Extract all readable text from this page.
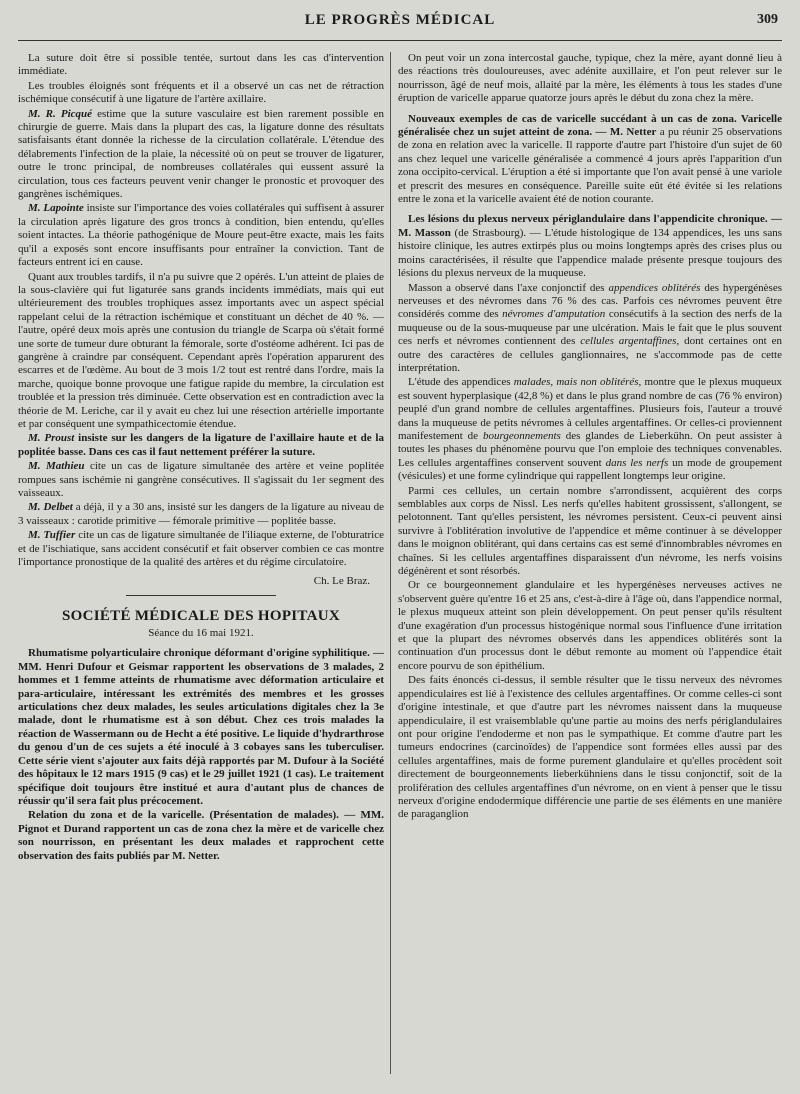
LE PROGRÈS MÉDICAL	309

La suture doit être si possible tentée, surtout dans les cas d'intervention immédiate.

Les troubles éloignés sont fréquents et il a observé un cas net de rétraction ischémique consécutif à une ligature de l'artère axillaire.

M. R. Picqué estime que la suture vasculaire est bien rarement possible en chirurgie de guerre. Mais dans la plupart des cas, la ligature donne des résultats satisfaisants étant donnée la richesse de la circulation collatérale. L'étendue des délabrements l'infection de la plaie, la nécessité où on peut se trouver de ligaturer, outre le tronc principal, de nombreuses collatérales qui eussent assuré la circulation, tous ces facteurs peuvent venir changer le pronostic et provoquer des gangrènes ischémiques.

M. Lapointe insiste sur l'importance des voies collatérales qui suffisent à assurer la circulation après ligature des gros troncs à condition, bien entendu, qu'elles soient intactes. La théorie pathogénique de Moure peut-être exacte, mais les faits qu'il a exposés sont encore insuffisants pour entraîner la conviction. Tant de facteurs entrent ici en cause.

Quant aux troubles tardifs, il n'a pu suivre que 2 opérés. L'un atteint de plaies de la sous-clavière qui fut ligaturée sans grands incidents immédiats, mais qui eut ultérieurement des troubles trophiques assez importants avec un aspect spécial rappelant celui de la rétraction ischémique et constituant un déchet de 40 %. — l'autre, opéré deux mois après une contusion du triangle de Scarpa où s'était formé une sorte de tumeur dure obturant la fémorale, sorte d'ostéome adhérent. Ici pas de gangrène à craindre par conséquent. Cependant après l'opération apparurent des escarres et de l'œdème. Au bout de 3 mois 1/2 tout est rentré dans l'ordre, mais la marche, quoique bonne provoque une fatigue rapide du membre, la circulation est troublée et la pression très diminuée. Cette observation est en contradiction avec la théorie de M. Leriche, car il y avait eu chez lui une résection artérielle importante et par conséquent une sympathicectomie étendue.

M. Proust insiste sur les dangers de la ligature de l'axillaire haute et de la poplitée basse. Dans ces cas il faut nettement préférer la suture.

M. Mathieu cite un cas de ligature simultanée des artère et veine poplitée rompues sans ischémie ni gangrène consécutives. Il s'agissait du 1er segment des vaisseaux.

M. Delbet a déjà, il y a 30 ans, insisté sur les dangers de la ligature au niveau de 3 vaisseaux : carotide primitive — fémorale primitive — poplitée basse.

M. Tuffier cite un cas de ligature simultanée de l'iliaque externe, de l'obturatrice et de l'ischiatique, sans accident consécutif et fait observer combien ce cas montre l'importance pronostique de la qualité des artères et du régime circulatoire.

Ch. Le Braz.
SOCIÉTÉ MÉDICALE DES HOPITAUX
Séance du 16 mai 1921.

Rhumatisme polyarticulaire chronique déformant d'origine syphilitique. — MM. Henri Dufour et Geismar rapportent les observations de 3 malades, 2 hommes et 1 femme atteints de rhumatisme avec déformation articulaire et para-articulaire, intéressant les extrémités des membres et les grosses articulations chez deux malades, les seules articulations digitales chez la 3e malade, dont le rhumatisme est à son début. Chez ces trois malades la réaction de Wassermann ou de Hecht a été positive. Le liquide d'hydrarthrose du genou d'un de ces sujets a été inoculé à 3 cobayes sans les tuberculiser. Cette série vient s'ajouter aux faits déjà rapportés par M. Dufour à la Société des hôpitaux le 12 mars 1915 (9 cas) et le 29 juillet 1921 (1 cas). Le traitement spécifique doit toujours être institué et aura d'autant plus de chances de réussir qu'il sera fait plus précocement.

Relation du zona et de la varicelle. (Présentation de malades). — MM. Pignot et Durand rapportent un cas de zona chez la mère et de varicelle chez son nourrisson, en présentant les deux malades et rapprochent cette observation des faits publiés par M. Netter.

On peut voir un zona intercostal gauche, typique, chez la mère, ayant donné lieu à des réactions très douloureuses, avec adénite auxillaire, et l'on peut relever sur le nourrisson, âgé de neuf mois, allaité par la mère, les éléments à tous les stades d'une éruption de varicelle apparue quatorze jours après le début du zona chez la mère.

Nouveaux exemples de cas de varicelle succédant à un cas de zona. Varicelle généralisée chez un sujet atteint de zona. — M. Netter a pu réunir 25 observations de zona en relation avec la varicelle. Il rapporte d'autre part l'histoire d'un sujet de 60 ans chez lequel une varicelle généralisée a commencé 4 jours après l'apparition d'un zona occipito-cervical. L'éruption a été si importante que l'on avait pensé à une variole et prescrit des mesures en conséquence. Pareille suite eût été évitée si les relations entre le zona et la varicelle avaient été de notion courante.

Les lésions du plexus nerveux périglandulaire dans l'appendicite chronique. — M. Masson (de Strasbourg). — L'étude histologique de 134 appendices, les uns sans histoire clinique, les autres extirpés plus ou moins longtemps après des crises plus ou moins caractérisées, il résulte que l'appendice malade présente presque toujours des lésions du plexus nerveux de la muqueuse.

Masson a observé dans l'axe conjonctif des appendices oblitérés des hypergénèses nerveuses et des névromes dans 76 % des cas. Parfois ces névromes peuvent être considérés comme des névromes d'amputation consécutifs à la section des nerfs de la muqueuse ou de la sous-muqueuse par une ulcération. Mais le fait que le plus souvent ces nerfs et névromes contiennent des cellules argentaffines, dont certaines ont en outre des caractères de cellules ganglionnaires, ne s'accommode pas de cette interprétation.

L'étude des appendices malades, mais non oblitérés, montre que le plexus muqueux est souvent hyperplasique (42,8 %) et dans le plus grand nombre de cas (76 % environ) peuplé d'un grand nombre de cellules argentaffines. Plusieurs fois, l'auteur a trouvé dans la muqueuse de petits névromes à cellules argentaffines. Or celles-ci proviennent manifestement de bourgeonnements des glandes de Lieberkühn. On peut assister à toutes les phases du phénomène pourvu que l'on emploie des techniques convenables. Les cellules argentaffines conservent souvent dans les nerfs un mode de groupement (vésicules) et une forme cylindrique qui rappellent longtemps leur origine.

Parmi ces cellules, un certain nombre s'arrondissent, acquièrent des corps semblables aux corps de Nissl. Les nerfs qu'elles habitent grossissent, s'allongent, se pelotonnent. Tant qu'elles persistent, les névromes persistent. Ceux-ci peuvent ainsi survivre à l'oblitération involutive de l'appendice et même continuer à se développer dans le moignon oblitérant, qui dans certains cas est semé d'innombrables névromes en chaînes. Si les cellules argentaffines disparaissent d'un névrome, les nerfs voisins dégénèrent et sont résorbés.

Or ce bourgeonnement glandulaire et les hypergénèses nerveuses actives ne s'observent guère qu'entre 16 et 25 ans, c'est-à-dire à l'âge où, dans l'appendice normal, le plexus muqueux atteint son plein développement. On peut penser qu'ils résultent d'une exagération d'un processus histogénique normal sous l'influence d'une irritation et que la plupart des névromes observés dans les appendices oblitérés sont la continuation d'un processus dont le début remonte au moment où l'appendice était encore pourvu de son épithélium.

Des faits énoncés ci-dessus, il semble résulter que le tissu nerveux des névromes appendiculaires est lié à l'existence des cellules argentaffines. Or comme celles-ci sont d'origine intestinale, et que d'autre part les névromes naissent dans la muqueuse appendiculaire, il est vraisemblable qu'une partie au moins des nerfs périglandulaires ont pour origine l'endoderme et non pas le sympathique. Et comme d'autre part les tumeurs endocrines (carcinoïdes) de l'appendice sont formées elles aussi par des cellules argentaffines, mais de forme purement glandulaire et qu'elles procèdent soit directement de bourgeonnements lieberkühniens dans le tissu conjonctif, soit de la prolifération des cellules argentaffines d'un névrome, on en vient à penser que le tissu nerveux d'origine endodermique différencie une partie de ses éléments en une manière de paraganglion
